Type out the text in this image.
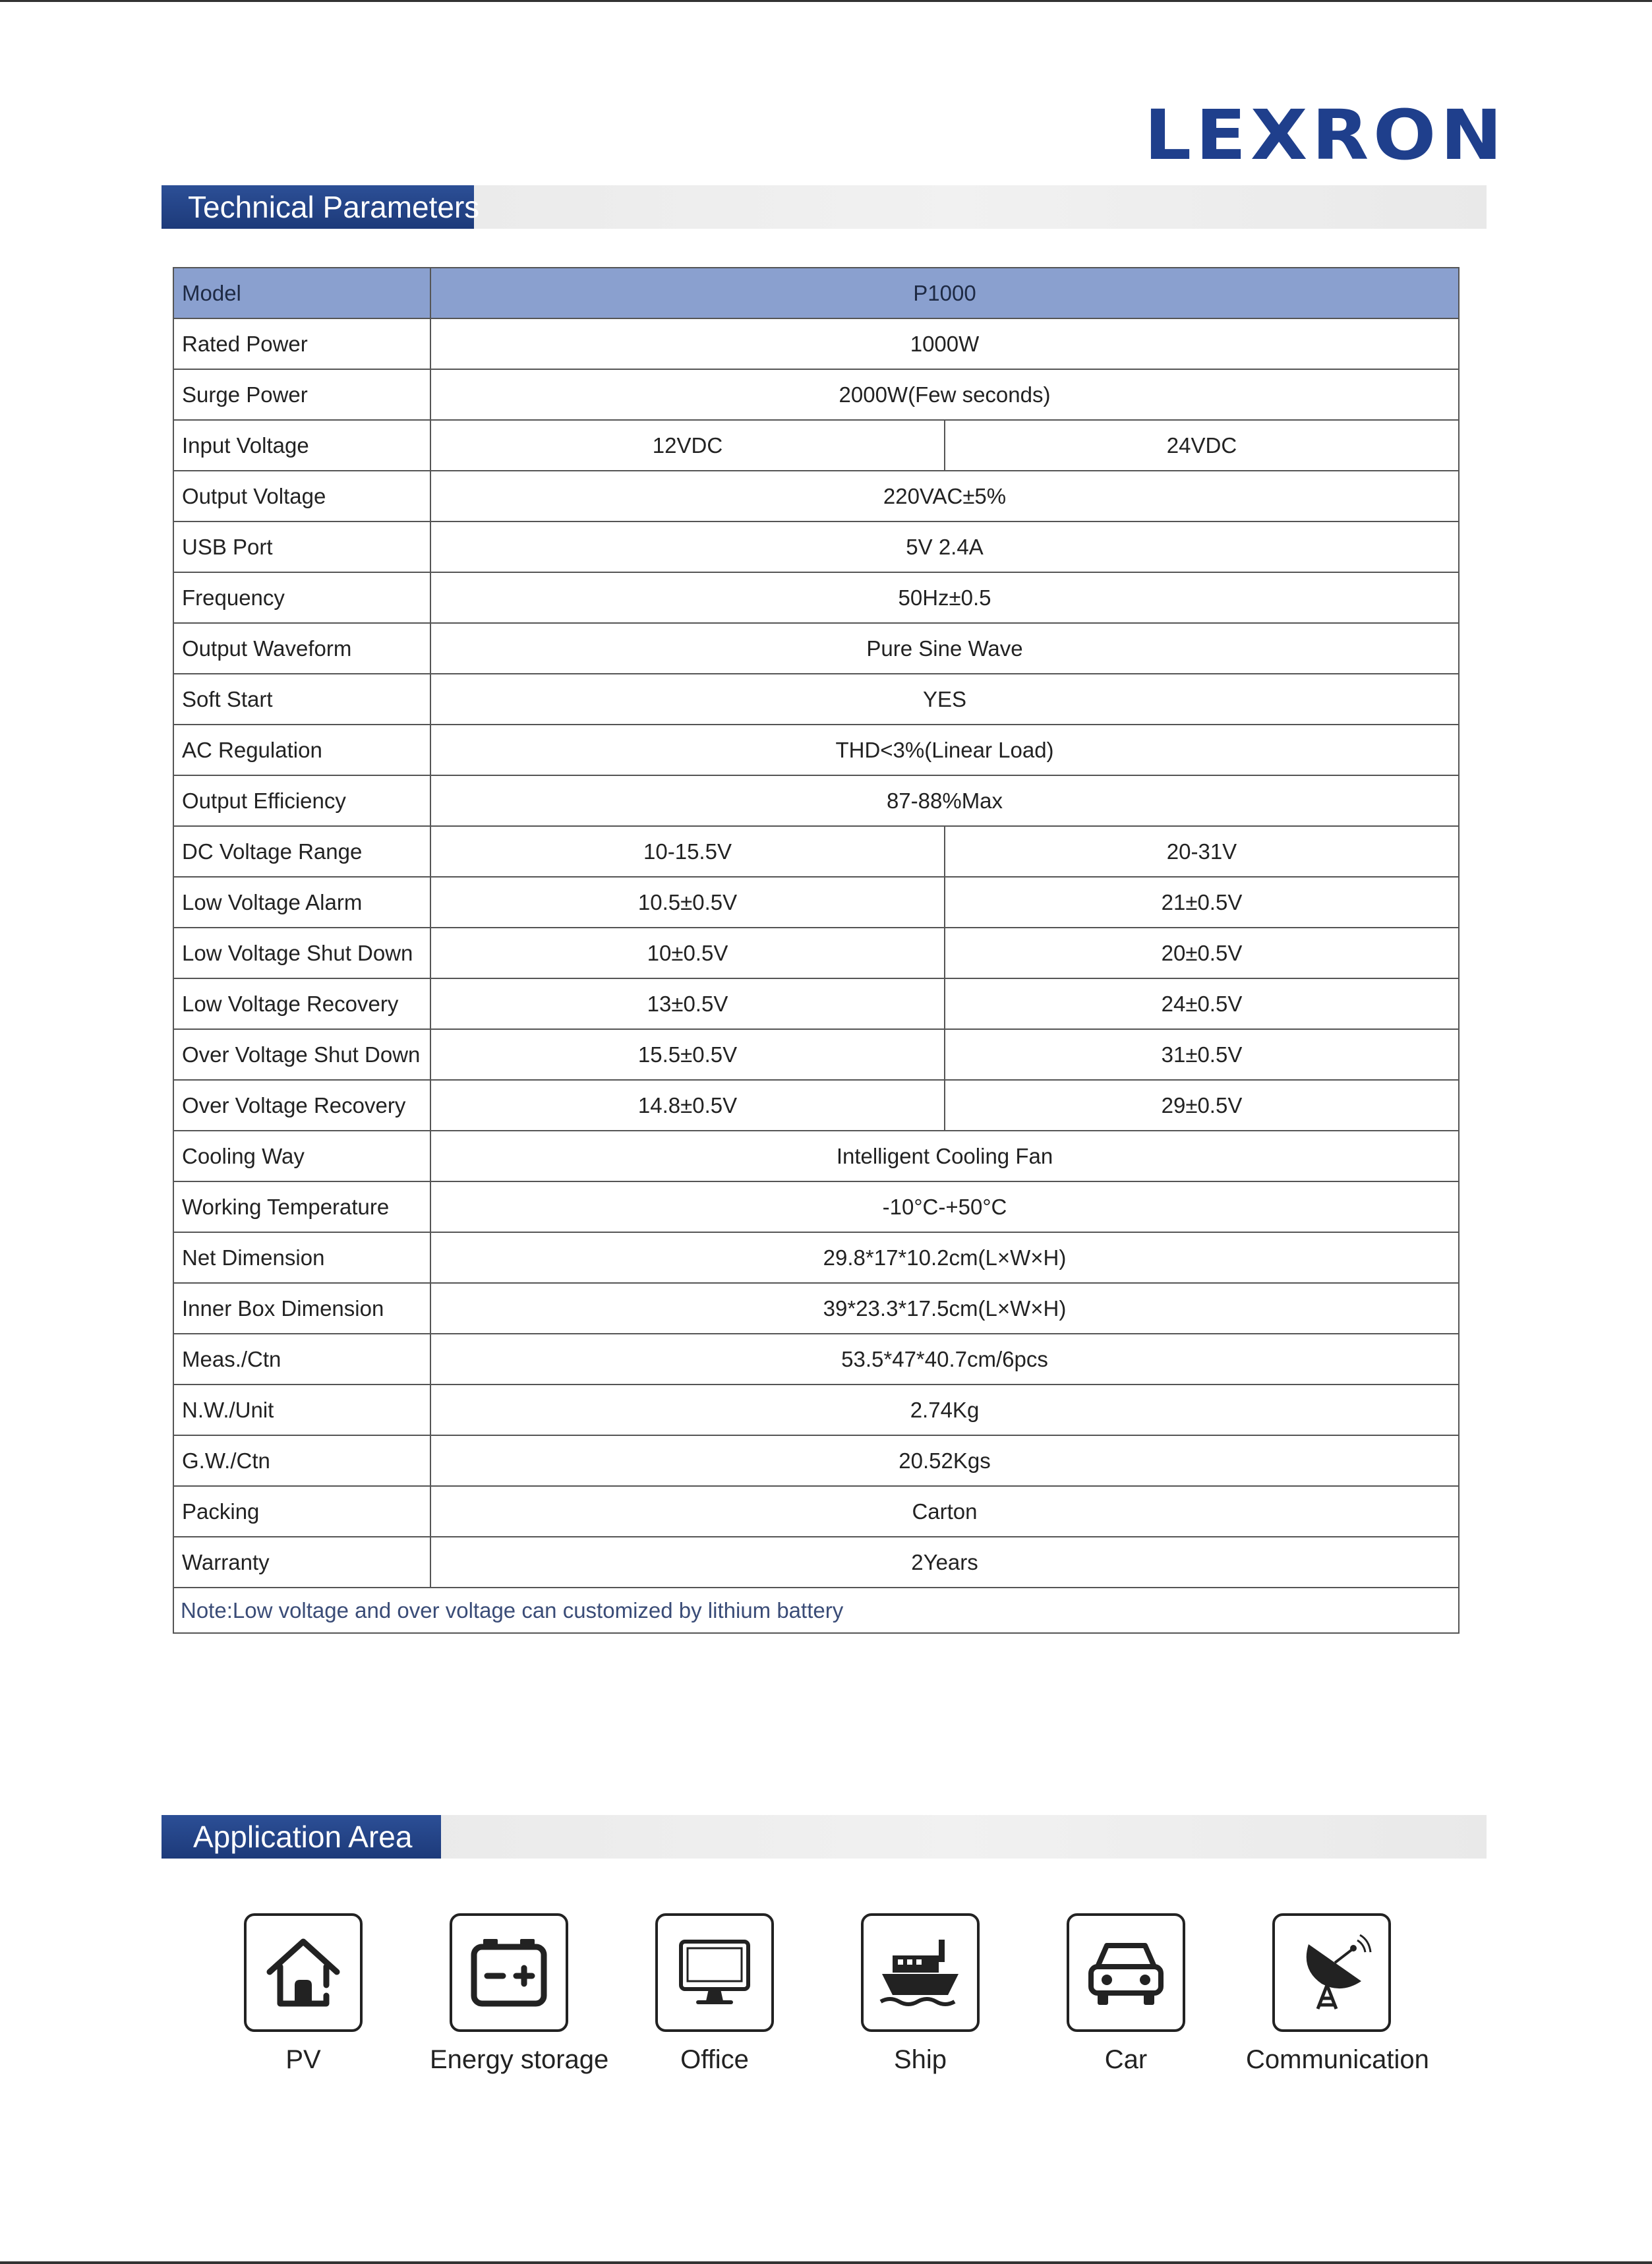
LEXRON
Technical Parameters
Model	P1000	
Rated Power	1000W	
Surge Power	2000W(Few seconds)	
Input Voltage	12VDC	24VDC
Output Voltage	220VAC±5%	
USB Port	5V 2.4A	
Frequency	50Hz±0.5	
Output Waveform	Pure Sine Wave	
Soft Start	YES	
AC Regulation	THD<3%(Linear Load)	
Output Efficiency	87-88%Max	
DC Voltage Range	10-15.5V	20-31V
Low Voltage Alarm	10.5±0.5V	21±0.5V
Low Voltage Shut Down	10±0.5V	20±0.5V
Low Voltage Recovery	13±0.5V	24±0.5V
Over Voltage Shut Down	15.5±0.5V	31±0.5V
Over Voltage Recovery	14.8±0.5V	29±0.5V
Cooling Way	Intelligent Cooling Fan	
Working Temperature	-10°C-+50°C	
Net Dimension	29.8*17*10.2cm(L×W×H)	
Inner Box Dimension	39*23.3*17.5cm(L×W×H)	
Meas./Ctn	53.5*47*40.7cm/6pcs	
N.W./Unit	2.74Kg	
G.W./Ctn	20.52Kgs	
Packing	Carton	
Warranty	2Years	
Note:Low voltage and over voltage can customized by lithium battery		
Application Area
PV	Energy storage	Office	Ship	Car	Communication
